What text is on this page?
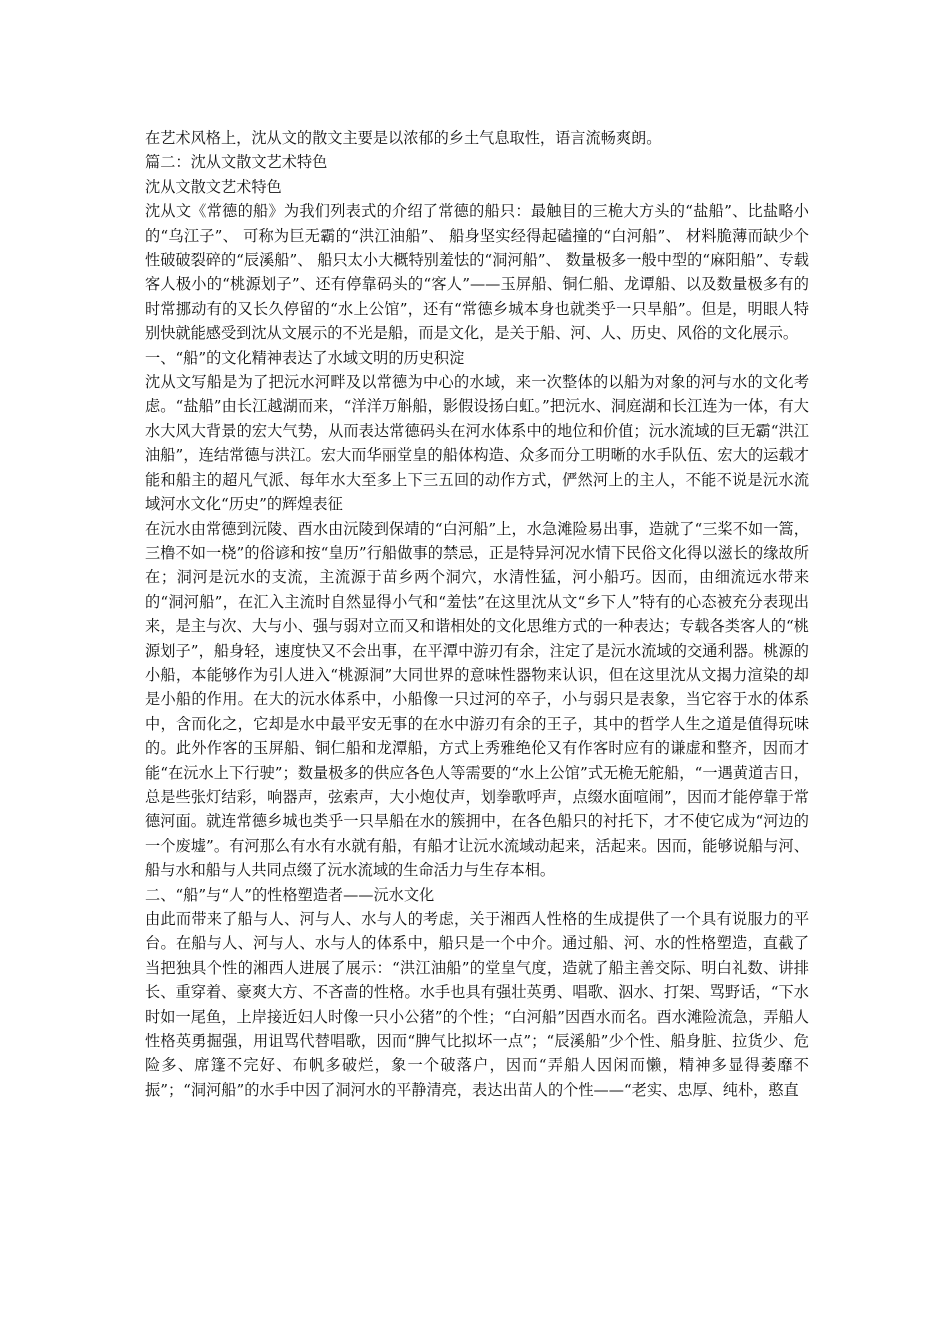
在艺术风格上，沈从文的散文主要是以浓郁的乡土气息取性，语言流畅爽朗。

篇二：沈从文散文艺术特色

沈从文散文艺术特色

沈从文《常德的船》为我们列表式的介绍了常德的船只：最触目的三桅大方头的“盐船”、比盐略小的“乌江子”、 可称为巨无霸的“洪江油船”、 船身坚实经得起磕撞的“白河船”、 材料脆薄而缺少个性破破裂碎的“辰溪船”、 船只太小大概特别羞怯的“洞河船”、 数量极多一般中型的“麻阳船”、专载客人极小的“桃源划子”、还有停靠码头的“客人”——玉屏船、铜仁船、龙谭船、以及数量极多有的时常挪动有的又长久停留的“水上公馆”，还有“常德乡城本身也就类乎一只旱船”。但是，明眼人特别快就能感受到沈从文展示的不光是船，而是文化，是关于船、河、人、历史、风俗的文化展示。

一、“船”的文化精神表达了水域文明的历史积淀

沈从文写船是为了把沅水河畔及以常德为中心的水域，来一次整体的以船为对象的河与水的文化考虑。“盐船”由长江越湖而来，“洋洋万斛船，影假设扬白虹。”把沅水、洞庭湖和长江连为一体，有大水大风大背景的宏大气势，从而表达常德码头在河水体系中的地位和价值；沅水流域的巨无霸“洪江油船”，连结常德与洪江。宏大而华丽堂皇的船体构造、众多而分工明晰的水手队伍、宏大的运载才能和船主的超凡气派、每年水大至多上下三五回的动作方式，俨然河上的主人，不能不说是沅水流域河水文化“历史”的辉煌表征

在沅水由常德到沅陵、酉水由沅陵到保靖的“白河船”上，水急滩险易出事，造就了“三桨不如一篙，三橹不如一桡”的俗谚和按“皇历”行船做事的禁忌，正是特异河况水情下民俗文化得以滋长的缘故所在；洞河是沅水的支流，主流源于苗乡两个洞穴，水清性猛，河小船巧。因而，由细流远水带来的“洞河船”，在汇入主流时自然显得小气和“羞怯”在这里沈从文“乡下人”特有的心态被充分表现出来，是主与次、大与小、强与弱对立而又和谐相处的文化思维方式的一种表达；专载各类客人的“桃源划子”，船身轻，速度快又不会出事，在平潭中游刃有余，注定了是沅水流域的交通利器。桃源的小船，本能够作为引人进入“桃源洞”大同世界的意味性器物来认识，但在这里沈从文揭力渲染的却是小船的作用。在大的沅水体系中，小船像一只过河的卒子，小与弱只是表象，当它容于水的体系中，含而化之，它却是水中最平安无事的在水中游刃有余的王子，其中的哲学人生之道是值得玩味的。此外作客的玉屏船、铜仁船和龙潭船，方式上秀雅绝伦又有作客时应有的谦虚和整齐，因而才能“在沅水上下行驶”；数量极多的供应各色人等需要的“水上公馆”式无桅无舵船，“一遇黄道吉日，总是些张灯结彩，响器声，弦索声，大小炮仗声，划拳歌呼声，点缀水面喧闹”，因而才能停靠于常德河面。就连常德乡城也类乎一只旱船在水的簇拥中，在各色船只的衬托下，才不使它成为“河边的一个废墟”。有河那么有水有水就有船，有船才让沅水流域动起来，活起来。因而，能够说船与河、船与水和船与人共同点缀了沅水流域的生命活力与生存本相。

二、“船”与“人”的性格塑造者——沅水文化

由此而带来了船与人、河与人、水与人的考虑，关于湘西人性格的生成提供了一个具有说服力的平台。在船与人、河与人、水与人的体系中，船只是一个中介。通过船、河、水的性格塑造，直截了当把独具个性的湘西人进展了展示：“洪江油船”的堂皇气度，造就了船主善交际、明白礼数、讲排长、重穿着、豪爽大方、不吝啬的性格。水手也具有强壮英勇、唱歌、泅水、打架、骂野话，“下水时如一尾鱼，上岸接近妇人时像一只小公猪”的个性；“白河船”因酉水而名。酉水滩险流急，弄船人性格英勇掘强，用诅骂代替唱歌，因而“脾气比拟坏一点”；“辰溪船”少个性、船身脏、拉货少、危险多、席篷不完好、布帆多破烂，象一个破落户，因而“弄船人因闲而懒，精神多显得萎靡不振”；“洞河船”的水手中因了洞河水的平静清亮，表达出苗人的个性——“老实、忠厚、纯朴，憨直
